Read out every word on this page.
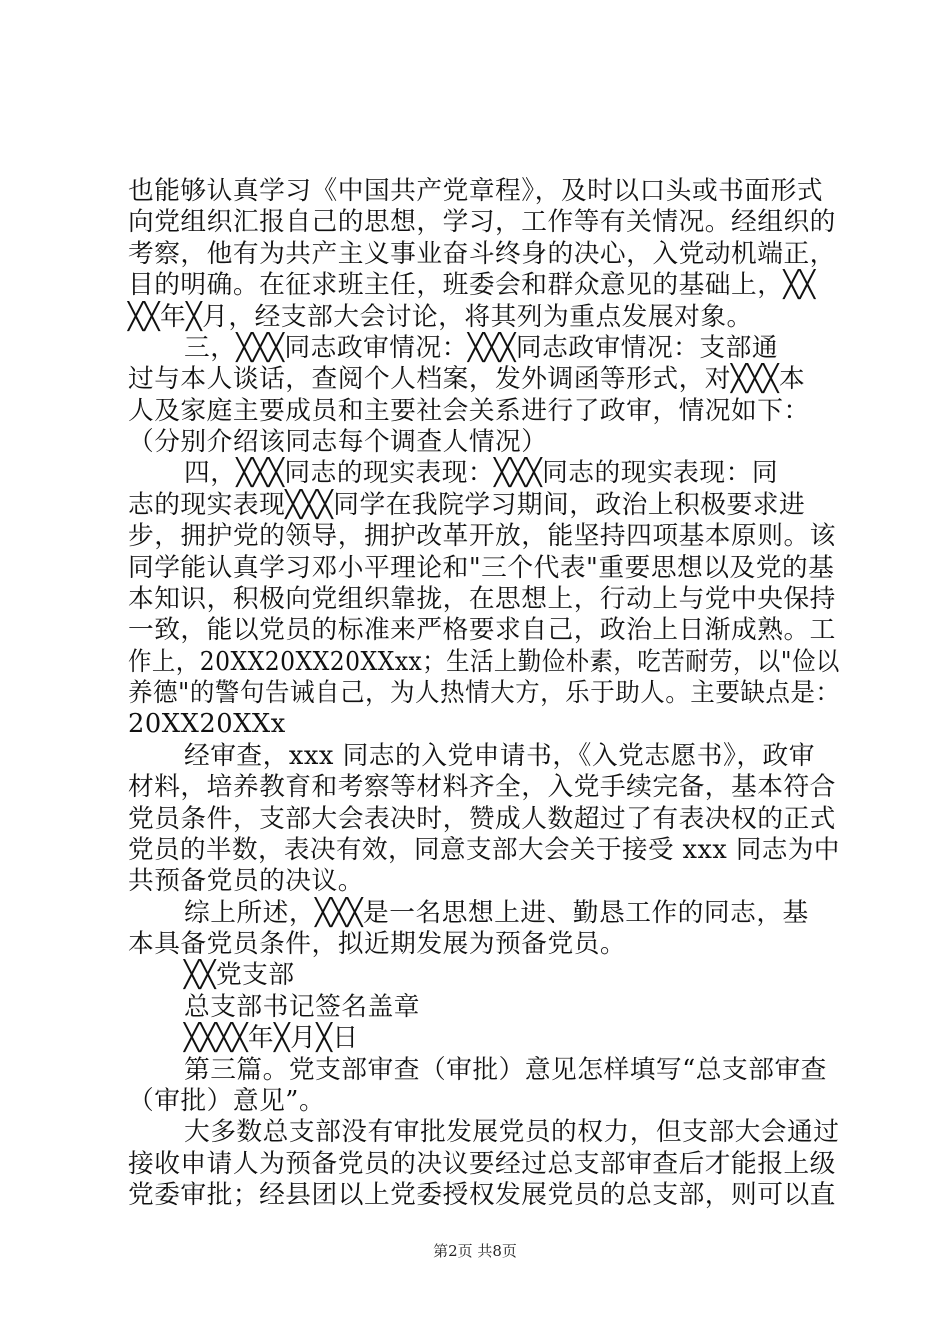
也能够认真学习《中国共产党章程》，及时以口头或书面形式
向党组织汇报自己的思想，学习，工作等有关情况。经组织的
考察，他有为共产主义事业奋斗终身的决心，入党动机端正，
目的明确。在征求班主任，班委会和群众意见的基础上，╳╳
╳╳年╳月，经支部大会讨论，将其列为重点发展对象。
三，╳╳╳同志政审情况：╳╳╳同志政审情况：支部通
过与本人谈话，查阅个人档案，发外调函等形式，对╳╳╳本
人及家庭主要成员和主要社会关系进行了政审，情况如下：
（分别介绍该同志每个调查人情况）
四，╳╳╳同志的现实表现：╳╳╳同志的现实表现：同
志的现实表现╳╳╳同学在我院学习期间，政治上积极要求进
步，拥护党的领导，拥护改革开放，能坚持四项基本原则。该
同学能认真学习邓小平理论和"三个代表"重要思想以及党的基
本知识，积极向党组织靠拢，在思想上，行动上与党中央保持
一致，能以党员的标准来严格要求自己，政治上日渐成熟。工
作上，20XX20XX20XXxx；生活上勤俭朴素，吃苦耐劳，以"俭以
养德"的警句告诫自己，为人热情大方，乐于助人。主要缺点是：
20XX20XXx
经审查，xxx 同志的入党申请书，《入党志愿书》，政审
材料，培养教育和考察等材料齐全，入党手续完备，基本符合
党员条件，支部大会表决时，赞成人数超过了有表决权的正式
党员的半数，表决有效，同意支部大会关于接受 xxx 同志为中
共预备党员的决议。
综上所述，╳╳╳是一名思想上进、勤恳工作的同志，基
本具备党员条件，拟近期发展为预备党员。
╳╳党支部
总支部书记签名盖章
╳╳╳╳年╳月╳日
第三篇。党支部审查（审批）意见怎样填写“总支部审查
（审批）意见”。
大多数总支部没有审批发展党员的权力，但支部大会通过
接收申请人为预备党员的决议要经过总支部审查后才能报上级
党委审批；经县团以上党委授权发展党员的总支部，则可以直
第2页 共8页
